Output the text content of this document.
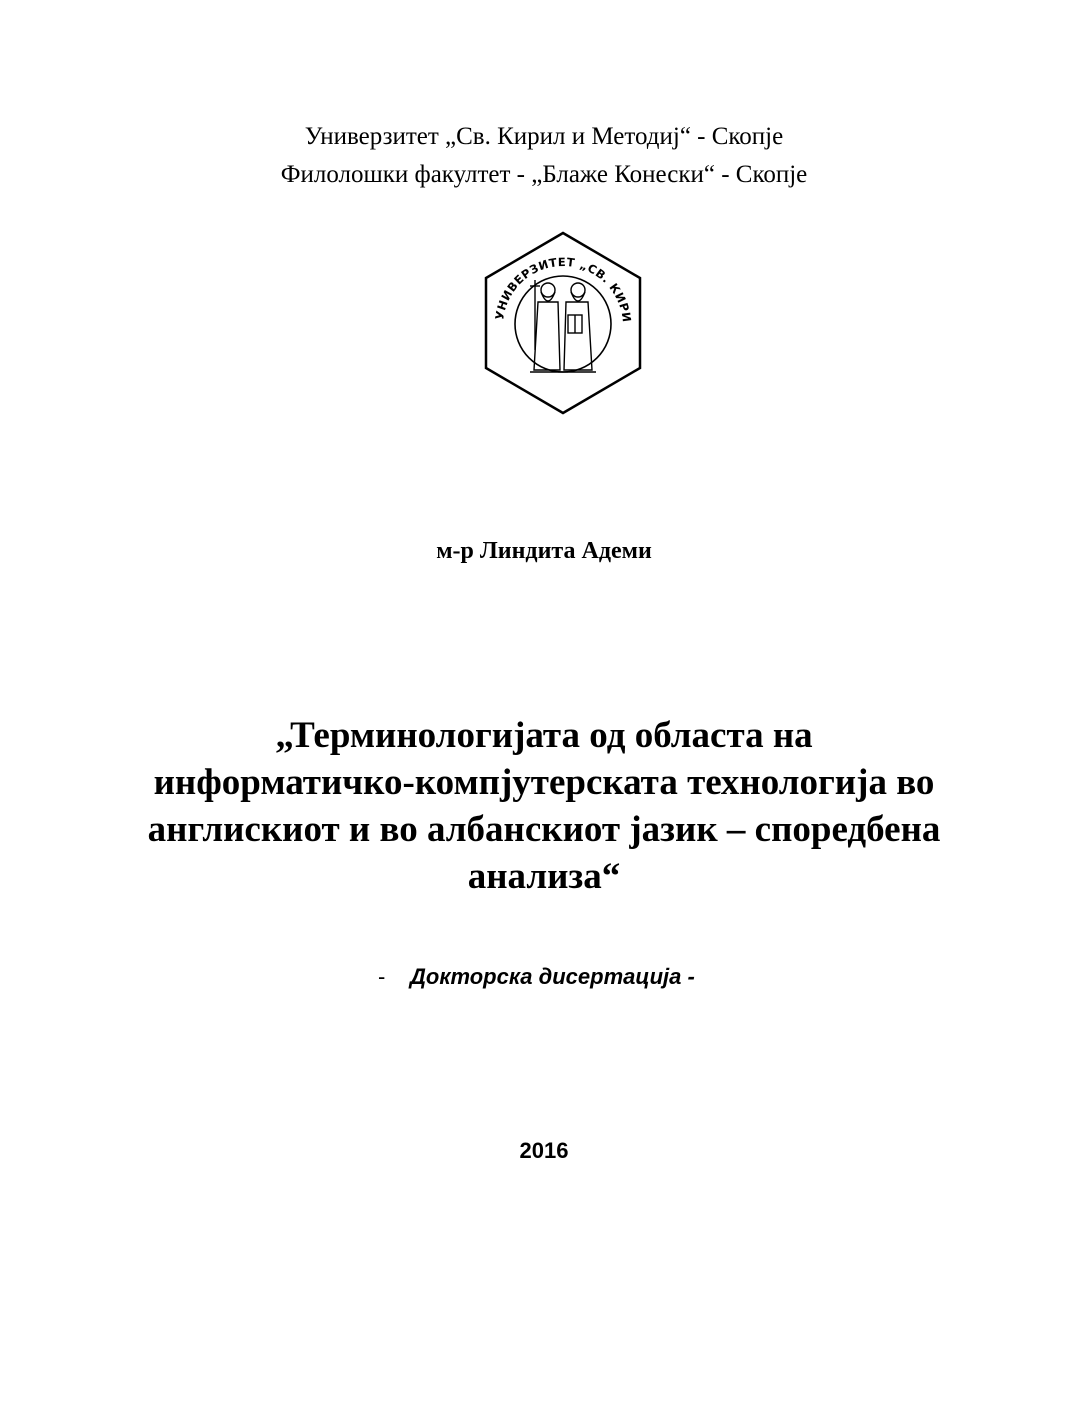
Универзитет „Св. Кирил и Методиј“ - Скопје
Филолошки факултет - „Блаже Конески“ - Скопје
УНИВЕРЗИТЕТ „СВ. КИРИ
м-р Линдита Адеми
„Терминологијата од областа на
информатичко-компјутерската технологија во
англискиот и во албанскиот јазик – споредбена
анализа“
- Докторска дисертација -
2016
